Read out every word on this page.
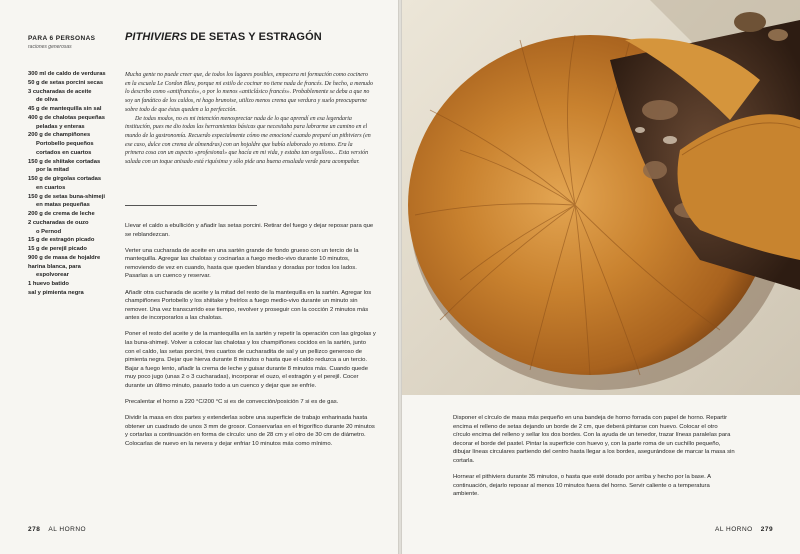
PARA 6 PERSONAS
raciones generosas
PITHIVIERS DE SETAS Y ESTRAGÓN
300 ml de caldo de verduras
50 g de setas porcini secas
3 cucharadas de aceite
de oliva
45 g de mantequilla sin sal
400 g de chalotas pequeñas
peladas y enteras
200 g de champiñones
Portobello pequeños
cortados en cuartos
150 g de shiitake cortadas
por la mitad
150 g de gírgolas cortadas
en cuartos
150 g de setas buna-shimeji
en matas pequeñas
200 g de crema de leche
2 cucharadas de ouzo
o Pernod
15 g de estragón picado
15 g de perejil picado
900 g de masa de hojaldre
harina blanca, para
espolvorear
1 huevo batido
sal y pimienta negra

Mucha gente no puede creer que, de todos los lugares posibles, empecera mi formación como cocinero en la escuela Le Cordon Bleu, porque mi estilo de cocinar no tiene nada de francés. De hecho, a menudo lo describo como «antifrancés», o por lo menos «anticlásico francés». Probablemente se deba a que no soy un fanático de los caldos, ni hago brunoise, utilizo menos crema que verdura y suelo preocuparme sobre todo de que éstas queden a la perfección.

De todas modos, no es mi intención menospreciar nada de lo que aprendí en esa legendaria institución, pues me dio todas las herramientas básicas que necesitaba para labrarme un camino en el mundo de la gastronomía. Recuerdo especialmente cómo me emocioné cuando preparé un pithiviers (en ese caso, dulce con crema de almendras) con un hojaldre que había elaborado yo mismo. Era la primera cosa con un aspecto «profesional» que hacía en mi vida, y estaba tan orgulloso... Esta versión salada con un toque anisado está riquísima y sólo pide una buena ensalada verde para acompañar.

Llevar el caldo a ebullición y añadir las setas porcini. Retirar del fuego y dejar reposar para que se reblandezcan.

Verter una cucharada de aceite en una sartén grande de fondo grueso con un tercio de la mantequilla. Agregar las chalotas y cocinarlas a fuego medio-vivo durante 10 minutos, removiendo de vez en cuando, hasta que queden blandas y doradas por todos los lados. Pasarlas a un cuenco y reservar.

Añadir otra cucharada de aceite y la mitad del resto de la mantequilla en la sartén. Agregar los champiñones Portobello y los shiitake y freírlos a fuego medio-vivo durante un minuto sin remover. Una vez transcurrido ese tiempo, revolver y proseguir con la cocción 2 minutos más antes de incorporarlos a las chalotas.

Poner el resto del aceite y de la mantequilla en la sartén y repetir la operación con las gírgolas y las buna-shimeji. Volver a colocar las chalotas y los champiñones cocidos en la sartén, junto con el caldo, las setas porcini, tres cuartos de cucharadita de sal y un pellizco generoso de pimienta negra. Dejar que hierva durante 8 minutos o hasta que el caldo reduzca a un tercio. Bajar a fuego lento, añadir la crema de leche y guisar durante 8 minutos más. Cuando quede muy poco jugo (unas 2 o 3 cucharadas), incorporar el ouzo, el estragón y el perejil. Cocer durante un último minuto, pasarlo todo a un cuenco y dejar que se enfríe.

Precalentar el horno a 220 °C/200 °C si es de convección/posición 7 si es de gas.

Dividir la masa en dos partes y extenderlas sobre una superficie de trabajo enharinada hasta obtener un cuadrado de unos 3 mm de grosor. Conservarlas en el frigorífico durante 20 minutos y cortarlas a continuación en forma de círculo: uno de 28 cm y el otro de 30 cm de diámetro. Colocarlas de nuevo en la nevera y dejar enfriar 10 minutos más como mínimo.

278 AL HORNO	AL HORNO 279

Disponer el círculo de masa más pequeño en una bandeja de horno forrada con papel de horno. Repartir encima el relleno de setas dejando un borde de 2 cm, que deberá pintarse con huevo. Colocar el otro círculo encima del relleno y sellar los dos bordes. Con la ayuda de un tenedor, trazar líneas paralelas para decorar el borde del pastel. Pintar la superficie con huevo y, con la parte roma de un cuchillo pequeño, dibujar líneas circulares partiendo del centro hasta llegar a los bordes, asegurándose de marcar la masa sin cortarla.

Hornear el pithiviers durante 35 minutos, o hasta que esté dorado por arriba y hecho por la base. A continuación, dejarlo reposar al menos 10 minutos fuera del horno. Servir caliente o a temperatura ambiente.
